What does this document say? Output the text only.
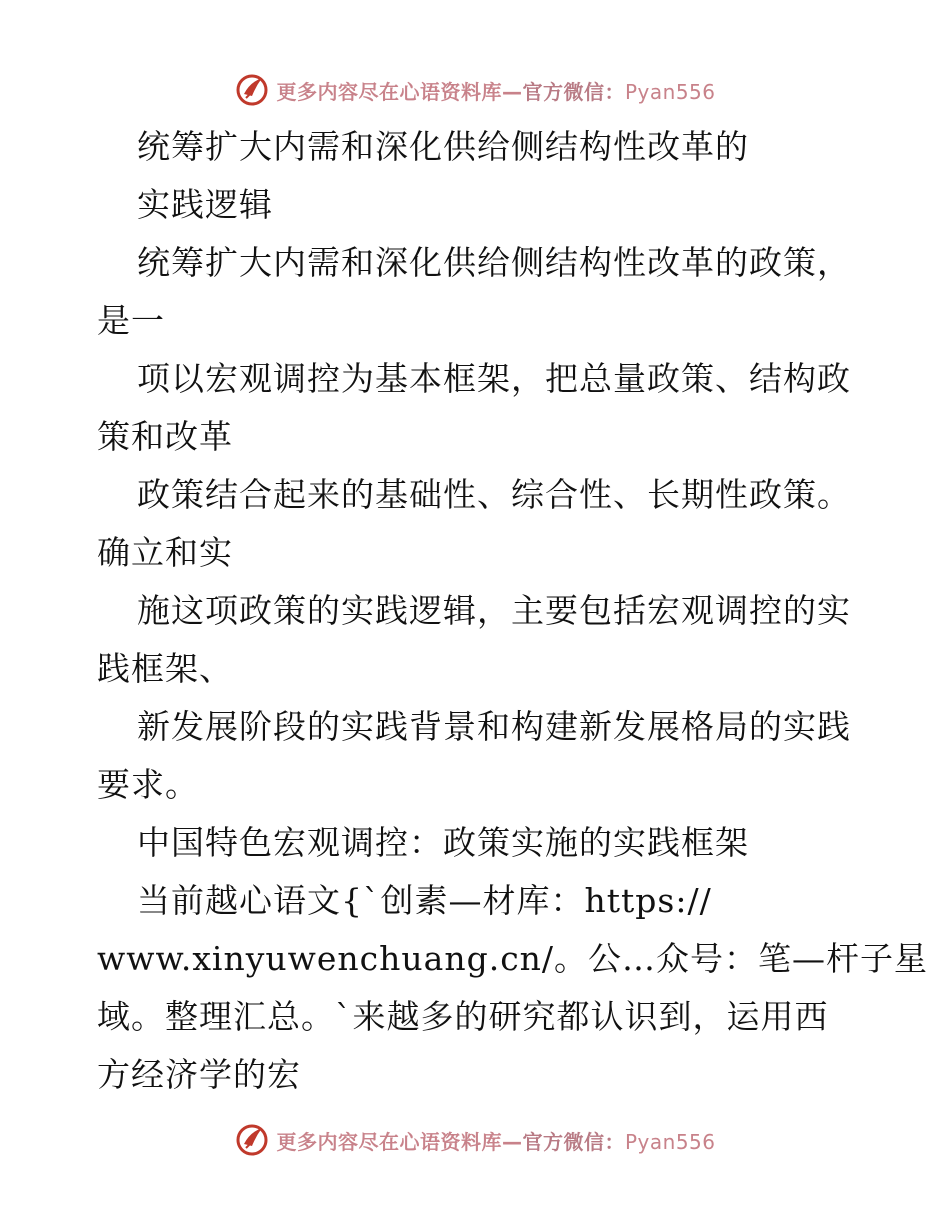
更多内容尽在心语资料库—官方微信：Pyan556
统筹扩大内需和深化供给侧结构性改革的
实践逻辑
统筹扩大内需和深化供给侧结构性改革的政策，
是一
项以宏观调控为基本框架，把总量政策、结构政
策和改革
政策结合起来的基础性、综合性、长期性政策。
确立和实
施这项政策的实践逻辑，主要包括宏观调控的实
践框架、
新发展阶段的实践背景和构建新发展格局的实践
要求。
中国特色宏观调控：政策实施的实践框架
当前越心语文{`创素—材库：https://
www.xinyuwenchuang.cn/。公…众号：笔—杆子星
域。整理汇总。`来越多的研究都认识到，运用西
方经济学的宏
更多内容尽在心语资料库—官方微信：Pyan556
